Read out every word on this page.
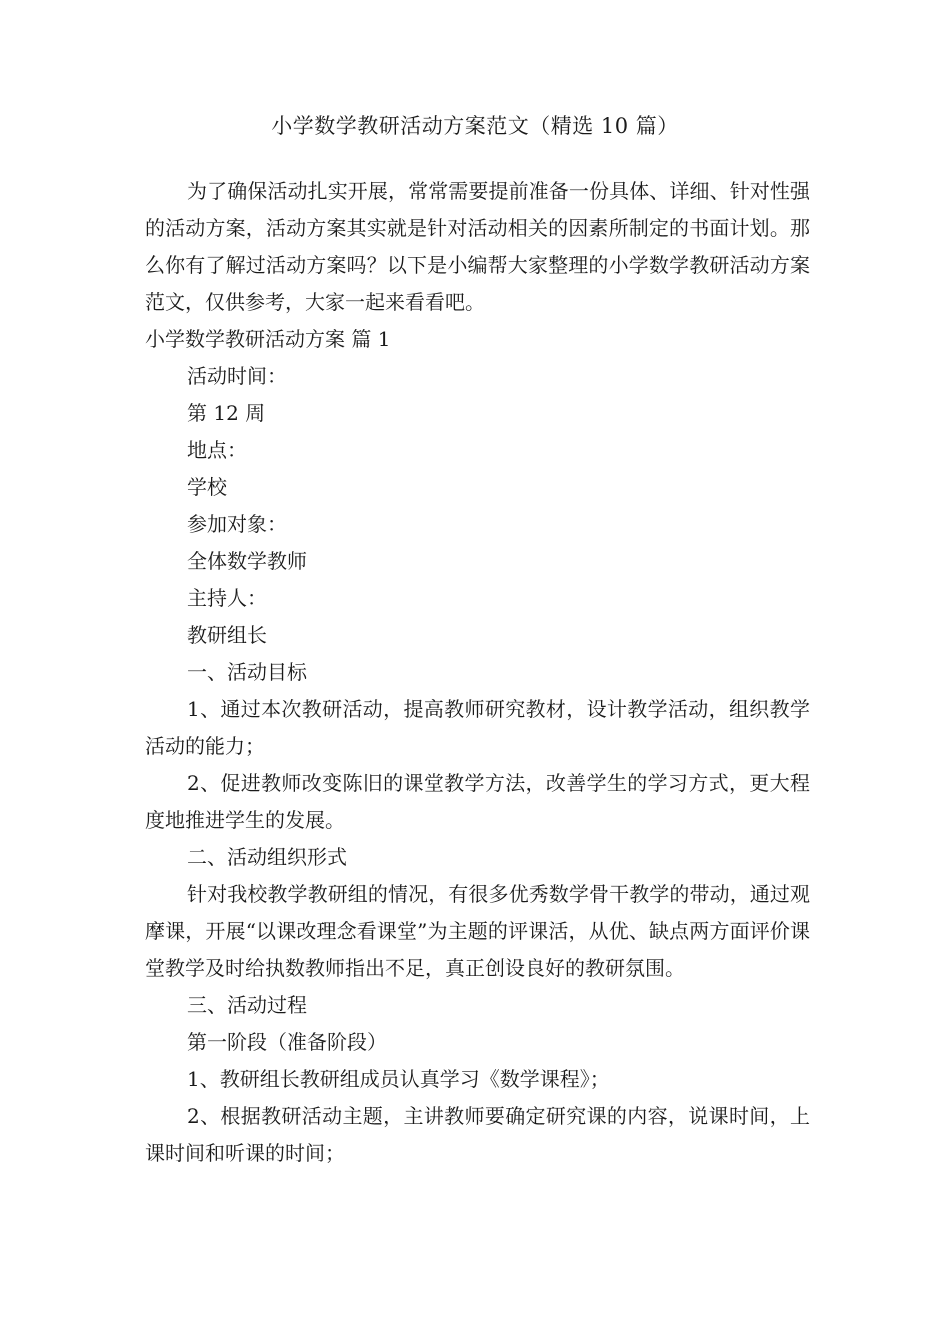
小学数学教研活动方案范文（精选 10 篇）

为了确保活动扎实开展，常常需要提前准备一份具体、详细、针对性强的活动方案，活动方案其实就是针对活动相关的因素所制定的书面计划。那么你有了解过活动方案吗？以下是小编帮大家整理的小学数学教研活动方案范文，仅供参考，大家一起来看看吧。

小学数学教研活动方案 篇 1

活动时间：

第 12 周

地点：

学校

参加对象：

全体数学教师

主持人：

教研组长

一、活动目标

1、通过本次教研活动，提高教师研究教材，设计教学活动，组织教学活动的能力；

2、促进教师改变陈旧的课堂教学方法，改善学生的学习方式，更大程度地推进学生的发展。

二、活动组织形式

针对我校教学教研组的情况，有很多优秀数学骨干教学的带动，通过观摩课，开展“以课改理念看课堂”为主题的评课活，从优、缺点两方面评价课堂教学及时给执数教师指出不足，真正创设良好的教研氛围。

三、活动过程

第一阶段（准备阶段）

1、教研组长教研组成员认真学习《数学课程》；

2、根据教研活动主题，主讲教师要确定研究课的内容，说课时间，上课时间和听课的时间；
